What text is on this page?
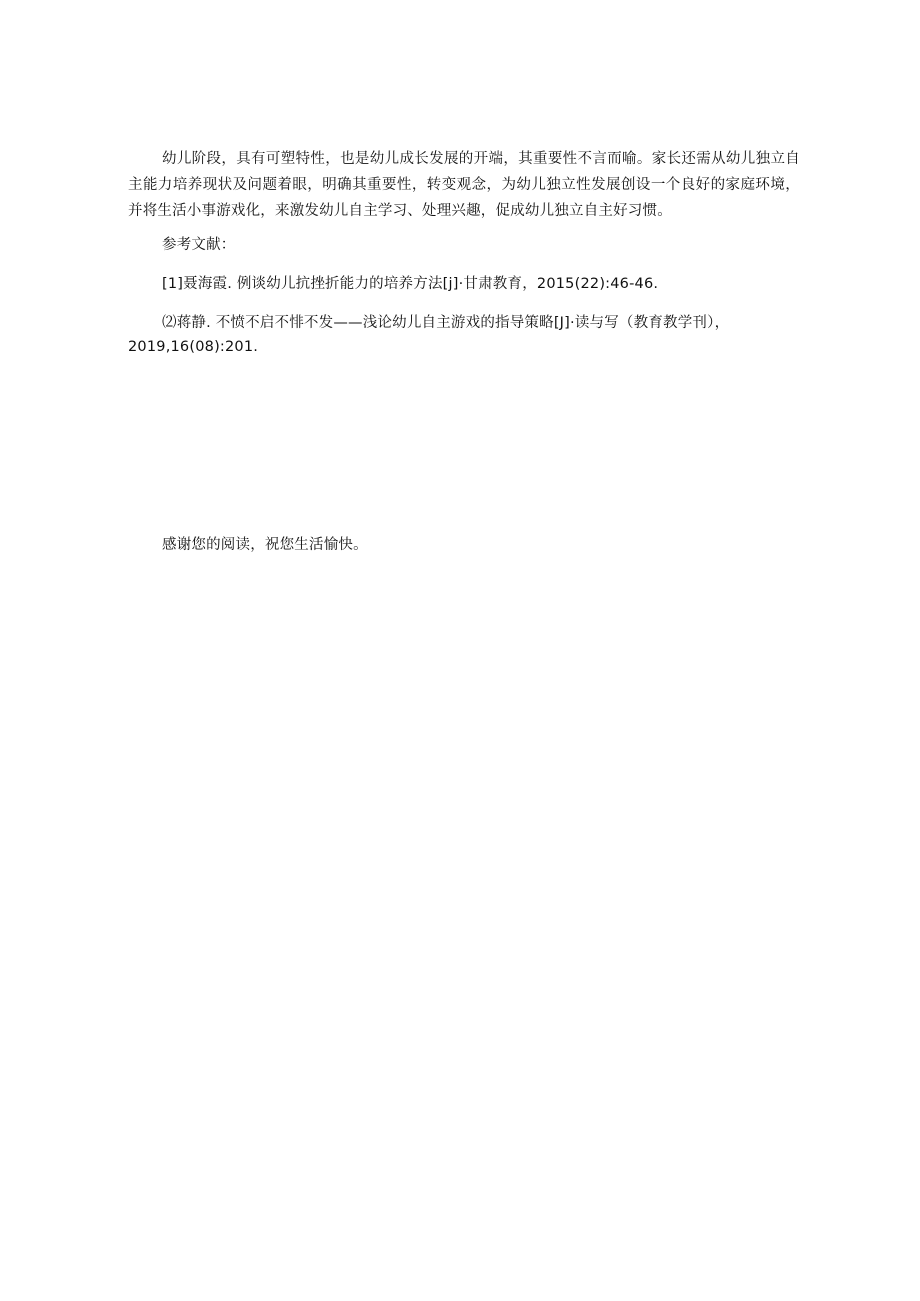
幼儿阶段，具有可塑特性，也是幼儿成长发展的开端，其重要性不言而喻。家长还需从幼儿独立自主能力培养现状及问题着眼，明确其重要性，转变观念，为幼儿独立性发展创设一个良好的家庭环境，并将生活小事游戏化，来激发幼儿自主学习、处理兴趣，促成幼儿独立自主好习惯。
参考文献：
[1]聂海霞. 例谈幼儿抗挫折能力的培养方法[j]·甘肃教育，2015(22):46-46.
⑵蒋静. 不愤不启不悱不发——浅论幼儿自主游戏的指导策略[J]·读与写（教育教学刊），
2019,16(08):201.
感谢您的阅读，祝您生活愉快。
